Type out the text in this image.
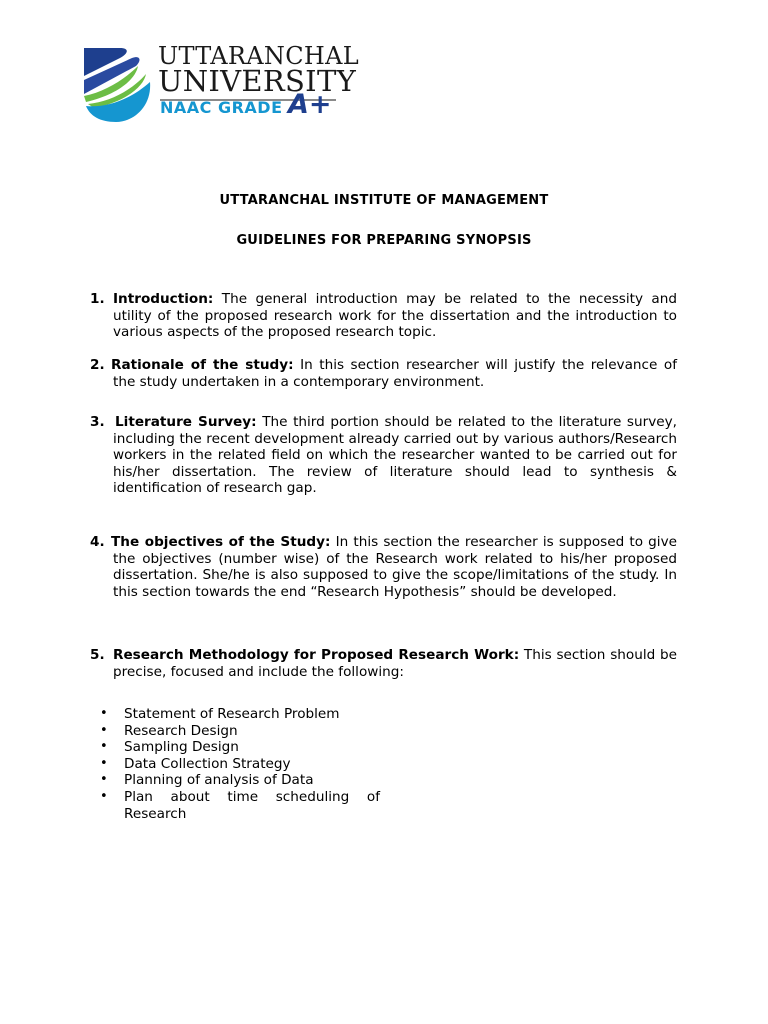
UTTARANCHAL
UNIVERSITY
NAAC GRADE A+
UTTARANCHAL INSTITUTE OF MANAGEMENT
GUIDELINES FOR PREPARING SYNOPSIS
1. Introduction: The general introduction may be related to the necessity and utility of the proposed research work for the dissertation and the introduction to various aspects of the proposed research topic.
2. Rationale of the study: In this section researcher will justify the relevance of the study undertaken in a contemporary environment.
3. Literature Survey: The third portion should be related to the literature survey, including the recent development already carried out by various authors/Research workers in the related field on which the researcher wanted to be carried out for his/her dissertation. The review of literature should lead to synthesis & identification of research gap.
4. The objectives of the Study: In this section the researcher is supposed to give the objectives (number wise) of the Research work related to his/her proposed dissertation. She/he is also supposed to give the scope/limitations of the study. In this section towards the end “Research Hypothesis” should be developed.
5. Research Methodology for Proposed Research Work: This section should be precise, focused and include the following:
• Statement of Research Problem
• Research Design
• Sampling Design
• Data Collection Strategy
• Planning of analysis of Data
• Plan about time scheduling of Research
